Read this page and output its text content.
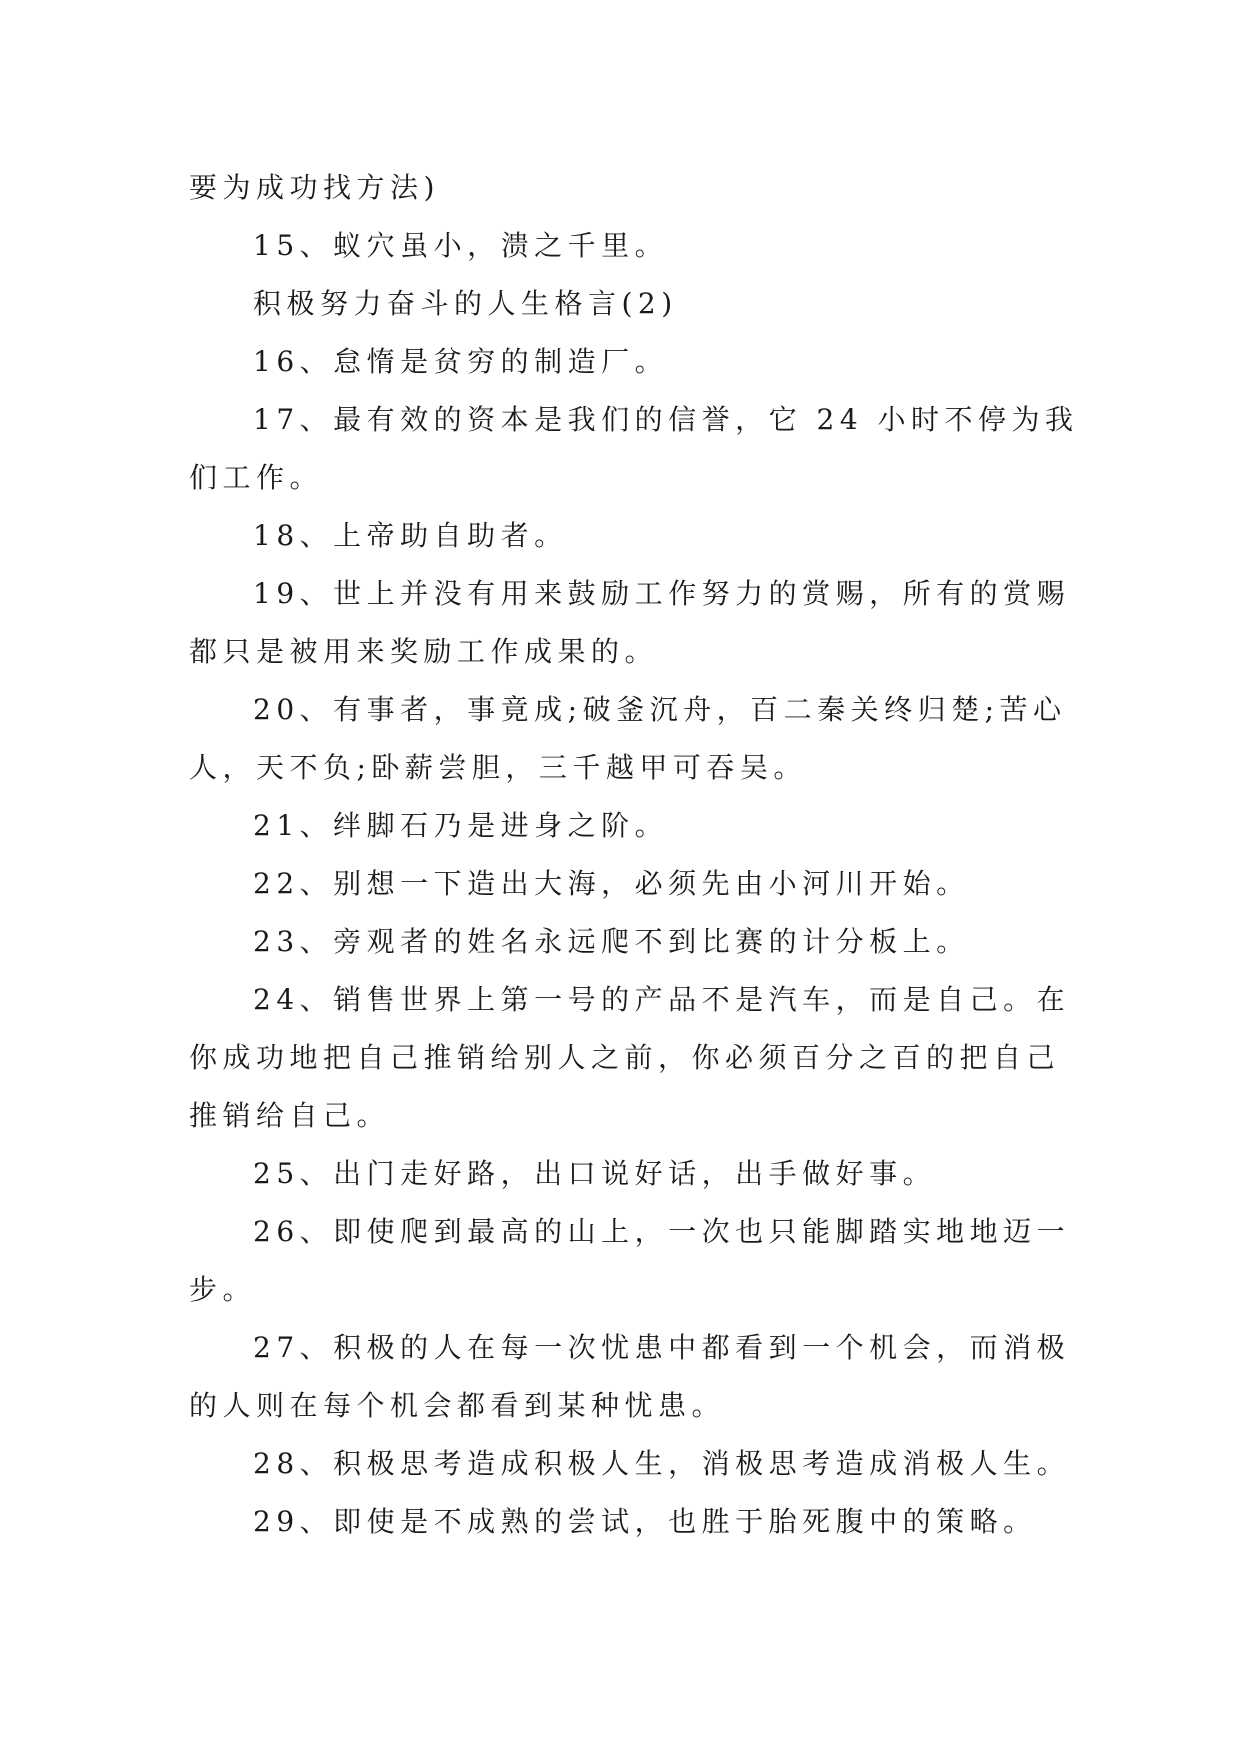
要为成功找方法)

15、蚁穴虽小，溃之千里。

积极努力奋斗的人生格言(2)

16、怠惰是贫穷的制造厂。

17、最有效的资本是我们的信誉，它 24 小时不停为我

们工作。

18、上帝助自助者。

19、世上并没有用来鼓励工作努力的赏赐，所有的赏赐

都只是被用来奖励工作成果的。

20、有事者，事竟成;破釜沉舟，百二秦关终归楚;苦心

人，天不负;卧薪尝胆，三千越甲可吞吴。

21、绊脚石乃是进身之阶。

22、别想一下造出大海，必须先由小河川开始。

23、旁观者的姓名永远爬不到比赛的计分板上。

24、销售世界上第一号的产品不是汽车，而是自己。在

你成功地把自己推销给别人之前，你必须百分之百的把自己

推销给自己。

25、出门走好路，出口说好话，出手做好事。

26、即使爬到最高的山上，一次也只能脚踏实地地迈一

步。

27、积极的人在每一次忧患中都看到一个机会，而消极

的人则在每个机会都看到某种忧患。

28、积极思考造成积极人生，消极思考造成消极人生。

29、即使是不成熟的尝试，也胜于胎死腹中的策略。
